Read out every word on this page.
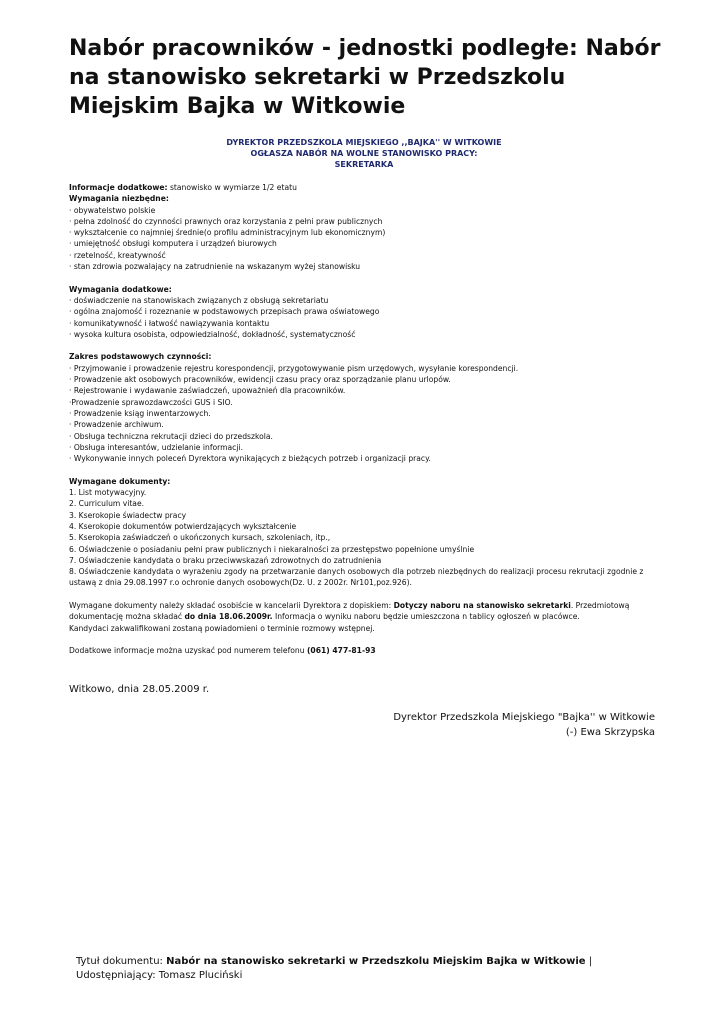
Nabór pracowników - jednostki podległe: Nabór na stanowisko sekretarki w Przedszkolu Miejskim Bajka w Witkowie
DYREKTOR PRZEDSZKOLA MIEJSKIEGO ,,BAJKA'' W WITKOWIE
OGŁASZA NABÓR NA WOLNE STANOWISKO PRACY:
SEKRETARKA

Informacje dodatkowe: stanowisko w wymiarze 1/2 etatu

Wymagania niezbędne:
· obywatelstwo polskie
· pełna zdolność do czynności prawnych oraz korzystania z pełni praw publicznych
· wykształcenie co najmniej średnie(o profilu administracyjnym lub ekonomicznym)
· umiejętność obsługi komputera i urządzeń biurowych
· rzetelność, kreatywność
· stan zdrowia pozwalający na zatrudnienie na wskazanym wyżej stanowisku
Wymagania dodatkowe:
· doświadczenie na stanowiskach związanych z obsługą sekretariatu
· ogólna znajomość i rozeznanie w podstawowych przepisach prawa oświatowego
· komunikatywność i łatwość nawiązywania kontaktu
· wysoka kultura osobista, odpowiedzialność, dokładność, systematyczność
Zakres podstawowych czynności:
· Przyjmowanie i prowadzenie rejestru korespondencji, przygotowywanie pism urzędowych, wysyłanie korespondencji.
· Prowadzenie akt osobowych pracowników, ewidencji czasu pracy oraz sporządzanie planu urlopów.
· Rejestrowanie i wydawanie zaświadczeń, upoważnień dla pracowników.
·Prowadzenie sprawozdawczości GUS i SIO.
· Prowadzenie ksiąg inwentarzowych.
· Prowadzenie archiwum.
· Obsługa techniczna rekrutacji dzieci do przedszkola.
· Obsługa interesantów, udzielanie informacji.
· Wykonywanie innych poleceń Dyrektora wynikających z bieżących potrzeb i organizacji pracy.
Wymagane dokumenty:
1. List motywacyjny.
2. Curriculum vitae.
3. Kserokopie świadectw pracy
4. Kserokopie dokumentów potwierdzających wykształcenie
5. Kserokopia zaświadczeń o ukończonych kursach, szkoleniach, itp.,
6. Oświadczenie o posiadaniu pełni praw publicznych i niekaralności za przestępstwo popełnione umyślnie
7. Oświadczenie kandydata o braku przeciwwskazań zdrowotnych do zatrudnienia
8. Oświadczenie kandydata o wyrażeniu zgody na przetwarzanie danych osobowych dla potrzeb niezbędnych do realizacji procesu rekrutacji zgodnie z ustawą z dnia 29.08.1997 r.o ochronie danych osobowych(Dz. U. z 2002r. Nr101,poz.926).

Wymagane dokumenty należy składać osobiście w kancelarii Dyrektora z dopiskiem: Dotyczy naboru na stanowisko sekretarki. Przedmiotową dokumentację można składać do dnia 18.06.2009r. Informacja o wyniku naboru będzie umieszczona n tablicy ogłoszeń w placówce.

Kandydaci zakwalifikowani zostaną powiadomieni o terminie rozmowy wstępnej.

Dodatkowe informacje można uzyskać pod numerem telefonu (061) 477-81-93

Witkowo, dnia 28.05.2009 r.
Dyrektor Przedszkola Miejskiego "Bajka'' w Witkowie
(-) Ewa Skrzypska
Tytuł dokumentu: Nabór na stanowisko sekretarki w Przedszkolu Miejskim Bajka w Witkowie |
Udostępniający: Tomasz Pluciński
